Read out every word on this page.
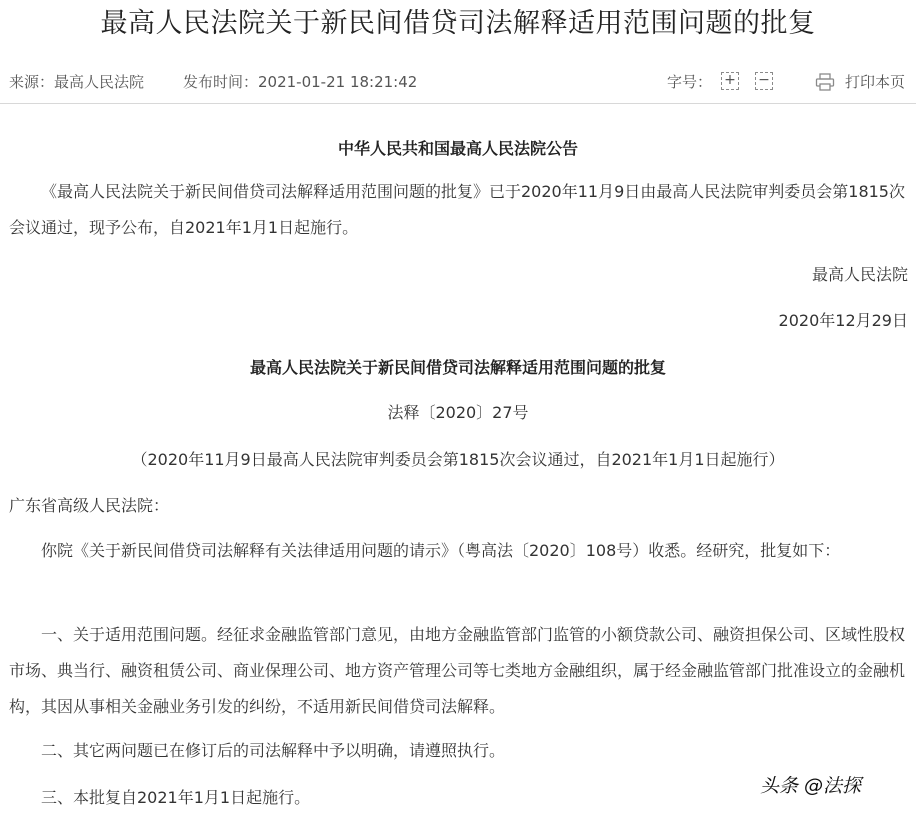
最高人民法院关于新民间借贷司法解释适用范围问题的批复
来源：最高人民法院	发布时间：2021-01-21 18:21:42	字号： + −	打印本页
中华人民共和国最高人民法院公告
《最高人民法院关于新民间借贷司法解释适用范围问题的批复》已于2020年11月9日由最高人民法院审判委员会第1815次会议通过，现予公布，自2021年1月1日起施行。
最高人民法院
2020年12月29日
最高人民法院关于新民间借贷司法解释适用范围问题的批复
法释〔2020〕27号
（2020年11月9日最高人民法院审判委员会第1815次会议通过，自2021年1月1日起施行）
广东省高级人民法院：
你院《关于新民间借贷司法解释有关法律适用问题的请示》（粤高法〔2020〕108号）收悉。经研究，批复如下：
一、关于适用范围问题。经征求金融监管部门意见，由地方金融监管部门监管的小额贷款公司、融资担保公司、区域性股权市场、典当行、融资租赁公司、商业保理公司、地方资产管理公司等七类地方金融组织，属于经金融监管部门批准设立的金融机构，其因从事相关金融业务引发的纠纷，不适用新民间借贷司法解释。
二、其它两问题已在修订后的司法解释中予以明确，请遵照执行。
三、本批复自2021年1月1日起施行。
头条 @法探
